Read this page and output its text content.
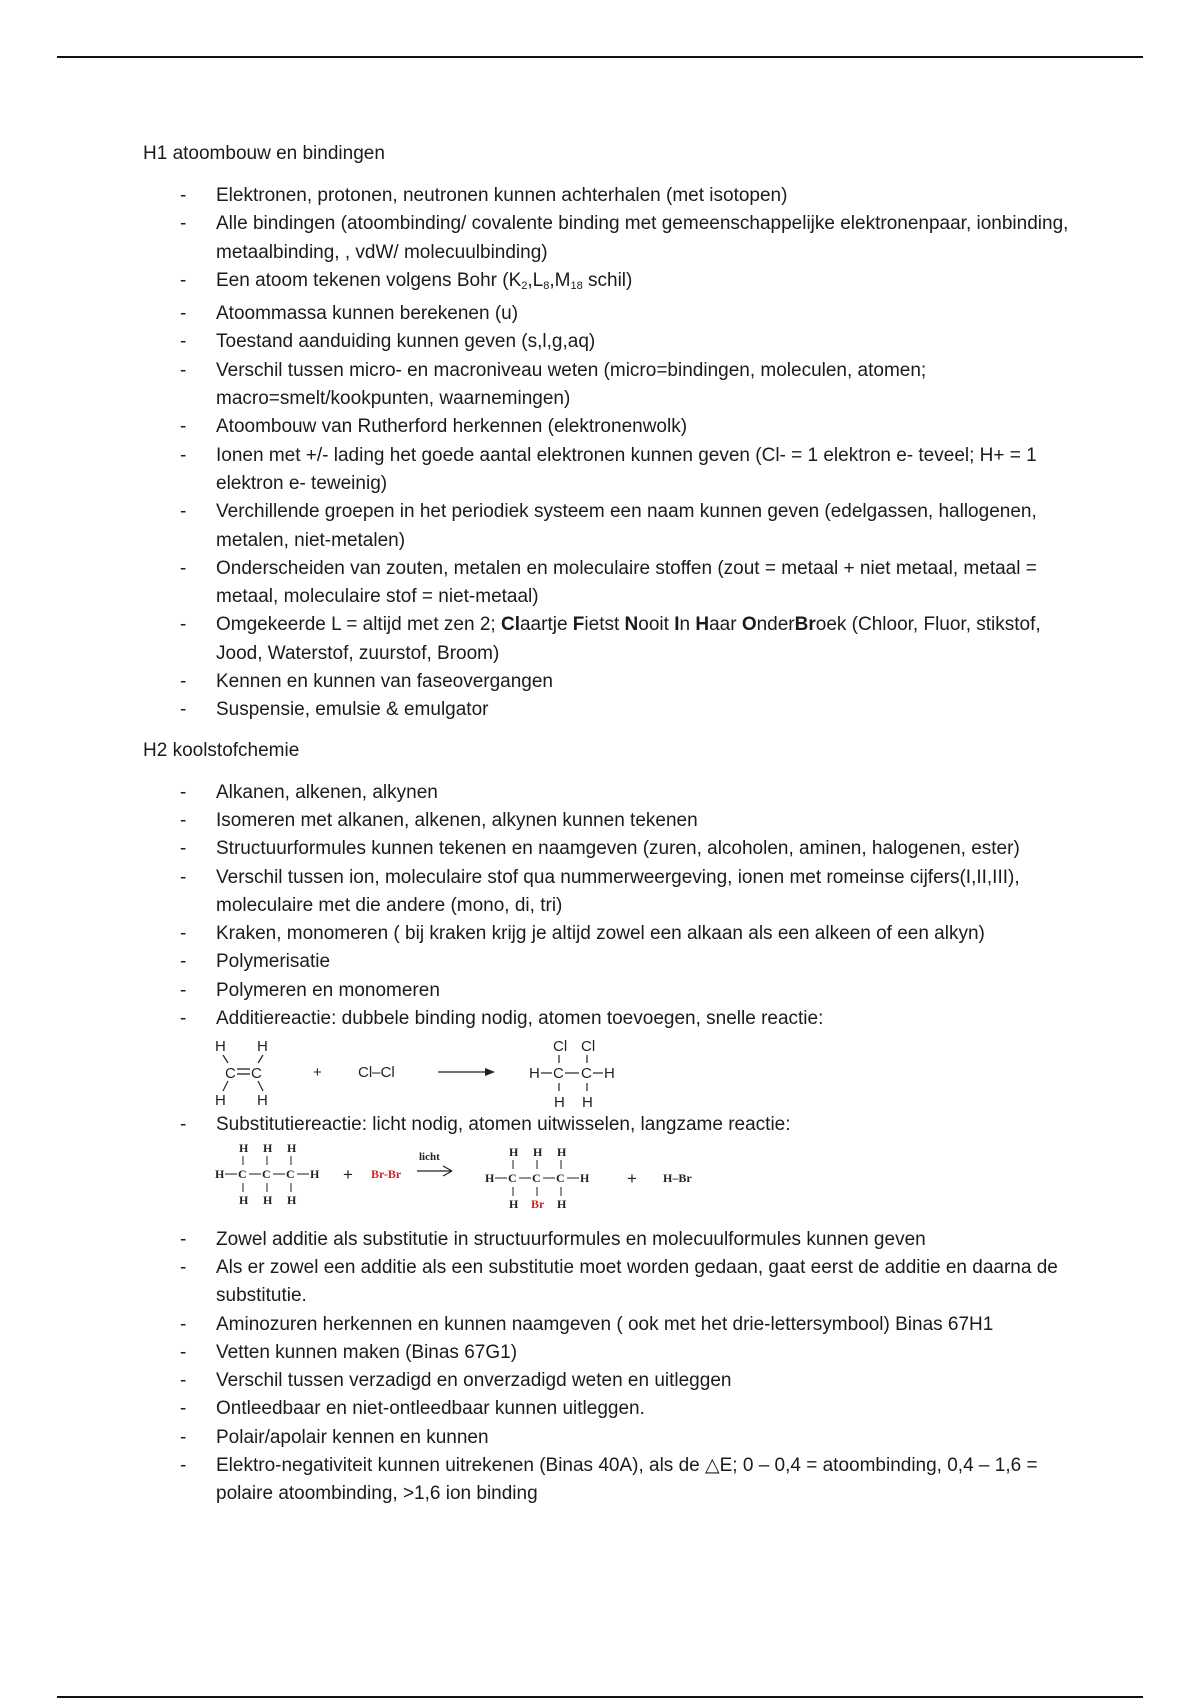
H1 atoombouw en bindingen
- Elektronen, protonen, neutronen kunnen achterhalen (met isotopen)
- Alle bindingen (atoombinding/ covalente binding met gemeenschappelijke elektronenpaar, ionbinding, metaalbinding, , vdW/ molecuulbinding)
- Een atoom tekenen volgens Bohr ($K_2,L_8,M_{18}$ schil)
- Atoommassa kunnen berekenen (u)
- Toestand aanduiding kunnen geven (s,l,g,aq)
- Verschil tussen micro- en macroniveau weten (micro=bindingen, moleculen, atomen; macro=smelt/kookpunten, waarnemingen)
- Atoombouw van Rutherford herkennen (elektronenwolk)
- Ionen met +/- lading het goede aantal elektronen kunnen geven (Cl- = 1 elektron e- teveel; H+ = 1 elektron e- teweinig)
- Verchillende groepen in het periodiek systeem een naam kunnen geven (edelgassen, hallogenen, metalen, niet-metalen)
- Onderscheiden van zouten, metalen en moleculaire stoffen (zout = metaal + niet metaal, metaal = metaal, moleculaire stof = niet-metaal)
- Omgekeerde L = altijd met zen 2; Claartje Fietst Nooit In Haar OnderBroek (Chloor, Fluor, stikstof, Jood, Waterstof, zuurstof, Broom)
- Kennen en kunnen van faseovergangen
- Suspensie, emulsie & emulgator
H2 koolstofchemie
- Alkanen, alkenen, alkynen
- Isomeren met alkanen, alkenen, alkynen kunnen tekenen
- Structuurformules kunnen tekenen en naamgeven (zuren, alcoholen, aminen, halogenen, ester)
- Verschil tussen ion, moleculaire stof qua nummerweergeving, ionen met romeinse cijfers(I,II,III), moleculaire met die andere (mono, di, tri)
- Kraken, monomeren ( bij kraken krijg je altijd zowel een alkaan als een alkeen of een alkyn)
- Polymerisatie
- Polymeren en monomeren
- Additiereactie: dubbele binding nodig, atomen toevoegen, snelle reactie:
H H
C C
H H
+ Cl–Cl
Cl Cl
H C C H
H H
- Substitutiereactie: licht nodig, atomen uitwisselen, langzame reactie:
H H H
H C C C H
H H H
+ Br-Br
licht	H H H
H C C C H
H Br H
+ H–Br
- Zowel additie als substitutie in structuurformules en molecuulformules kunnen geven
- Als er zowel een additie als een substitutie moet worden gedaan, gaat eerst de additie en daarna de substitutie.
- Aminozuren herkennen en kunnen naamgeven ( ook met het drie-lettersymbool) Binas 67H1
- Vetten kunnen maken (Binas 67G1)
- Verschil tussen verzadigd en onverzadigd weten en uitleggen
- Ontleedbaar en niet-ontleedbaar kunnen uitleggen.
- Polair/apolair kennen en kunnen
- Elektro-negativiteit kunnen uitrekenen (Binas 40A), als de △E; 0 – 0,4 = atoombinding, 0,4 – 1,6 = polaire atoombinding, >1,6 ion binding
